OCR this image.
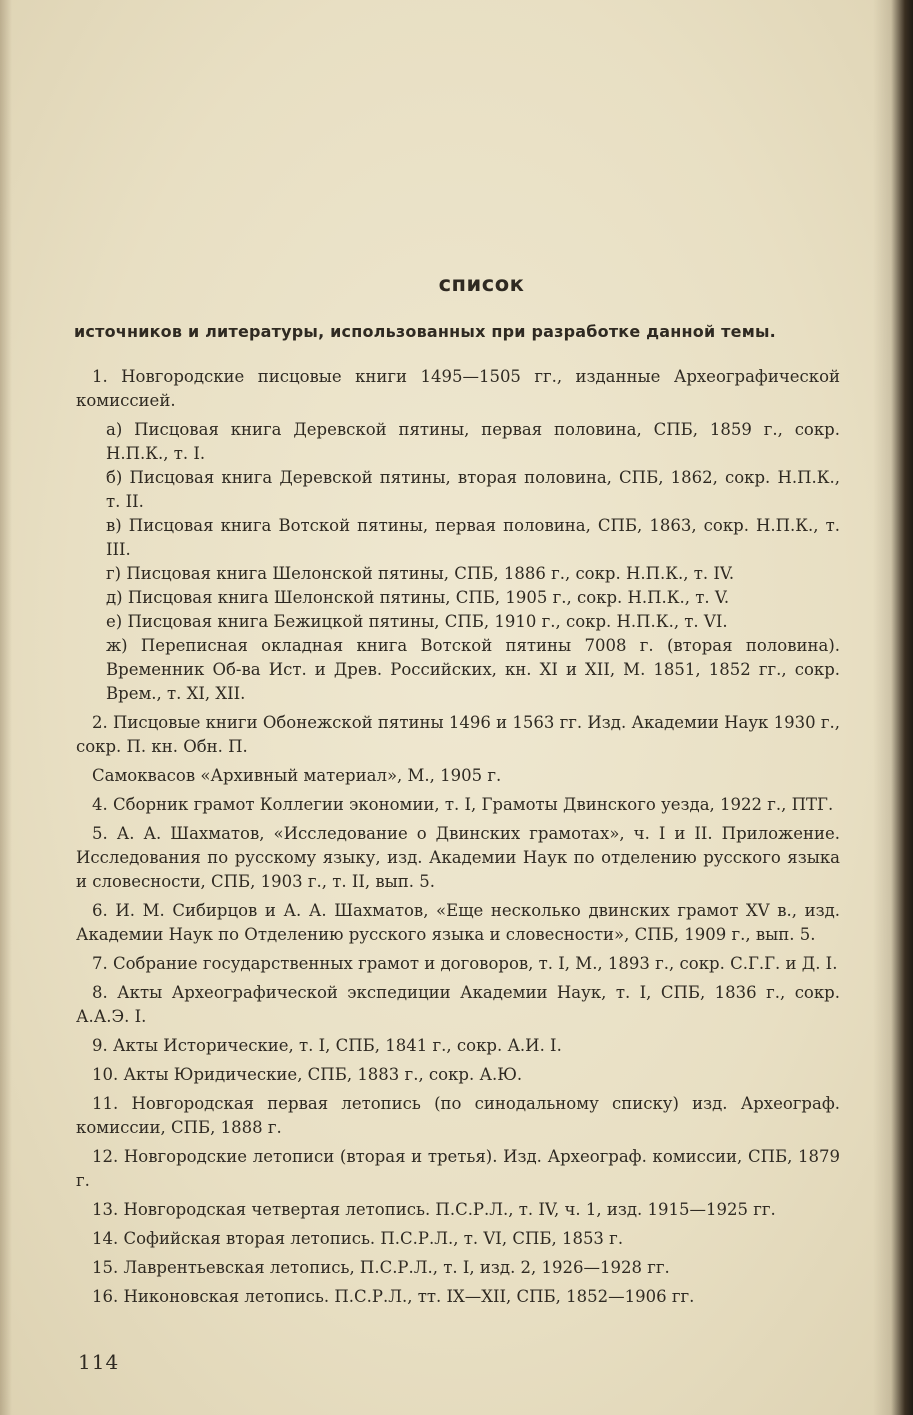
список
источников и литературы, использованных при разработке данной темы.

1. Новгородские писцовые книги 1495—1505 гг., изданные Археографической комиссией.

а) Писцовая книга Деревской пятины, первая половина, СПБ, 1859 г., сокр. Н.П.К., т. I.

б) Писцовая книга Деревской пятины, вторая половина, СПБ, 1862, сокр. Н.П.К., т. II.

в) Писцовая книга Вотской пятины, первая половина, СПБ, 1863, сокр. Н.П.К., т. III.

г) Писцовая книга Шелонской пятины, СПБ, 1886 г., сокр. Н.П.К., т. IV.

д) Писцовая книга Шелонской пятины, СПБ, 1905 г., сокр. Н.П.К., т. V.

е) Писцовая книга Бежицкой пятины, СПБ, 1910 г., сокр. Н.П.К., т. VI.

ж) Переписная окладная книга Вотской пятины 7008 г. (вторая половина). Временник Об-ва Ист. и Древ. Российских, кн. XI и XII, М. 1851, 1852 гг., сокр. Врем., т. XI, XII.

2. Писцовые книги Обонежской пятины 1496 и 1563 гг. Изд. Академии Наук 1930 г., сокр. П. кн. Обн. П.

Самоквасов «Архивный материал», М., 1905 г.

4. Сборник грамот Коллегии экономии, т. I, Грамоты Двинского уезда, 1922 г., ПТГ.

5. А. А. Шахматов, «Исследование о Двинских грамотах», ч. I и II. Приложение. Исследования по русскому языку, изд. Академии Наук по отделению русского языка и словесности, СПБ, 1903 г., т. II, вып. 5.

6. И. М. Сибирцов и А. А. Шахматов, «Еще несколько двинских грамот XV в., изд. Академии Наук по Отделению русского языка и словесности», СПБ, 1909 г., вып. 5.

7. Собрание государственных грамот и договоров, т. I, М., 1893 г., сокр. С.Г.Г. и Д. I.

8. Акты Археографической экспедиции Академии Наук, т. I, СПБ, 1836 г., сокр. А.А.Э. I.

9. Акты Исторические, т. I, СПБ, 1841 г., сокр. А.И. I.

10. Акты Юридические, СПБ, 1883 г., сокр. А.Ю.

11. Новгородская первая летопись (по синодальному списку) изд. Археограф. комиссии, СПБ, 1888 г.

12. Новгородские летописи (вторая и третья). Изд. Археограф. комиссии, СПБ, 1879 г.

13. Новгородская четвертая летопись. П.С.Р.Л., т. IV, ч. 1, изд. 1915—1925 гг.

14. Софийская вторая летопись. П.С.Р.Л., т. VI, СПБ, 1853 г.

15. Лаврентьевская летопись, П.С.Р.Л., т. I, изд. 2, 1926—1928 гг.

16. Никоновская летопись. П.С.Р.Л., тт. IX—XII, СПБ, 1852—1906 гг.

114
